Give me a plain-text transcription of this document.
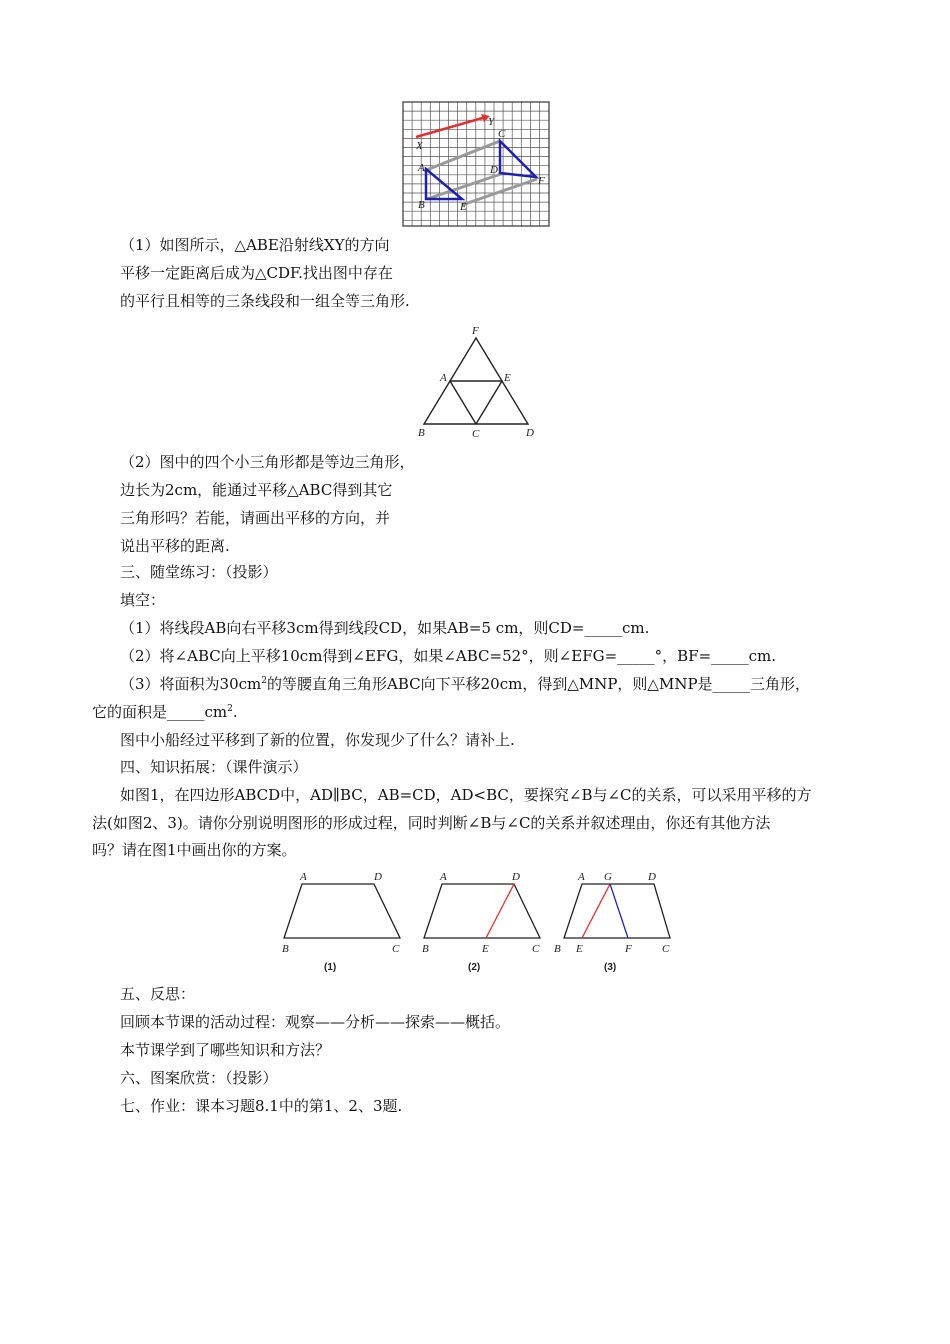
X
Y
A
B
C
D
E
F
（1）如图所示，△ABE沿射线XY的方向
平移一定距离后成为△CDF.找出图中存在
的平行且相等的三条线段和一组全等三角形.
F
A	E
B	C	D
（2）图中的四个小三角形都是等边三角形，
边长为2cm，能通过平移△ABC得到其它
三角形吗？若能，请画出平移的方向，并
说出平移的距离.
三、随堂练习：（投影）
填空：
（1）将线段AB向右平移3cm得到线段CD，如果AB=5 cm，则CD=_____cm.
（2）将∠ABC向上平移10cm得到∠EFG，如果∠ABC=52°，则∠EFG=_____°，BF=_____cm.
（3）将面积为$30cm^2$的等腰直角三角形ABC向下平移20cm，得到△MNP，则△MNP是_____三角形，
它的面积是$\_\_\_\_\_cm^2$.
图中小船经过平移到了新的位置，你发现少了什么？请补上.
四、知识拓展：（课件演示）
如图1，在四边形ABCD中，AD∥BC，AB=CD，AD<BC，要探究∠B与∠C的关系，可以采用平移的方
法(如图2、3)。请你分别说明图形的形成过程，同时判断∠B与∠C的关系并叙述理由，你还有其他方法
吗？请在图1中画出你的方案。
A	D
B	C
(1)
A	D
B	E	C
(2)
A G	D
B E	F	C
(3)
五、反思：
回顾本节课的活动过程：观察——分析——探索——概括。
本节课学到了哪些知识和方法？
六、图案欣赏：（投影）
七、作业：课本习题8.1中的第1、2、3题.
